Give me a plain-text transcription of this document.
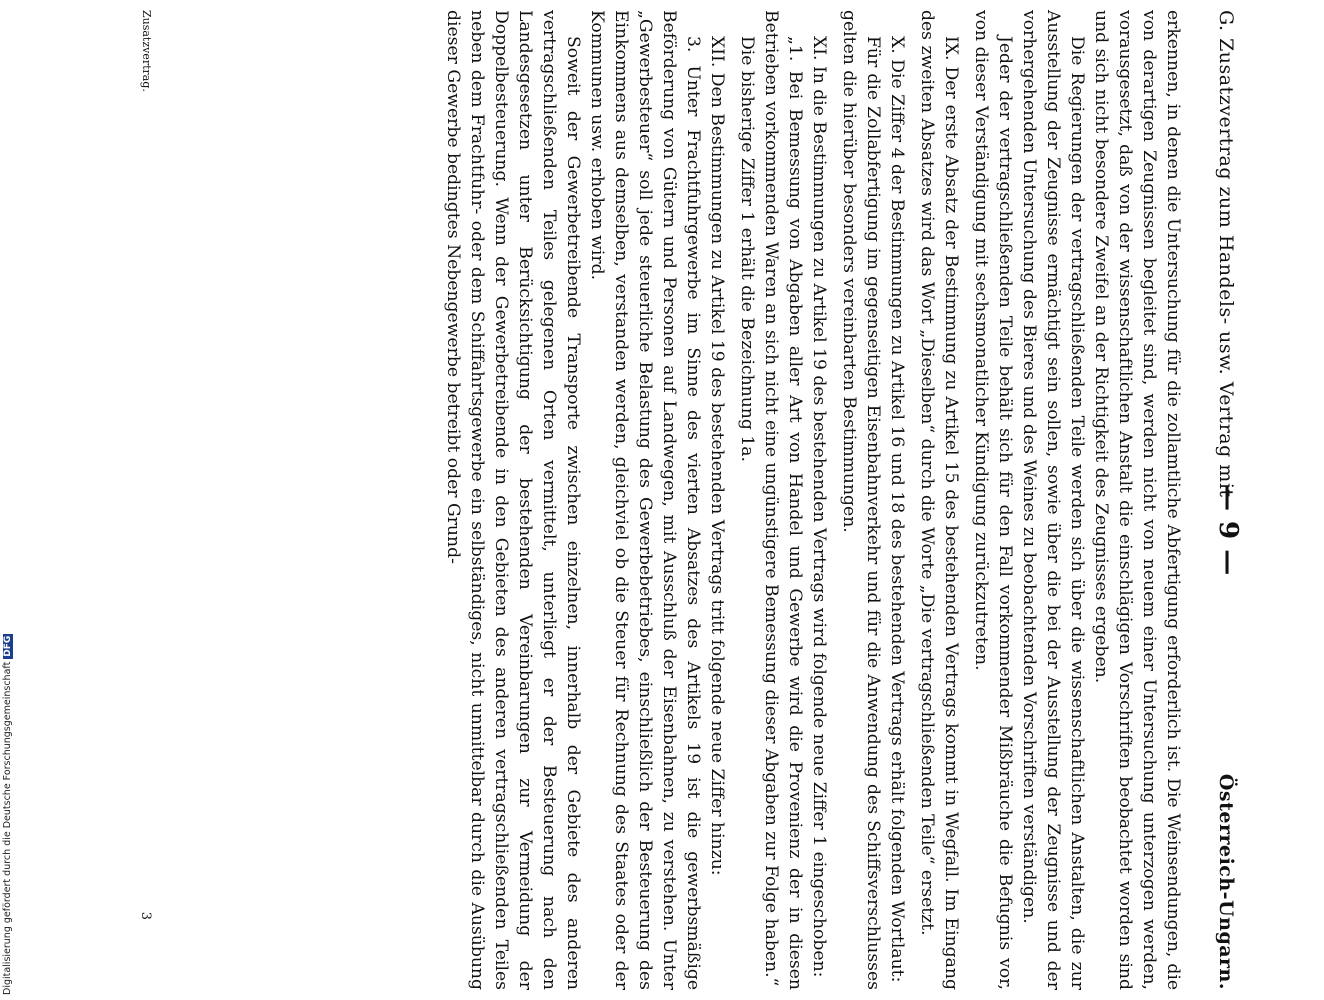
G. Zusatzvertrag zum Handels- usw. Vertrag mit
— 9 —
Österreich-Ungarn.

erkennen, in denen die Untersuchung für die zollamtliche Abfertigung erforderlich ist. Die Weinsendungen, die von derartigen Zeugnissen begleitet sind, werden nicht von neuem einer Untersuchung unterzogen werden, vorausgesetzt, daß von der wissenschaftlichen Anstalt die einschlägigen Vorschriften beobachtet worden sind und sich nicht besondere Zweifel an der Richtigkeit des Zeugnisses ergeben.

Die Regierungen der vertragschließenden Teile werden sich über die wissenschaftlichen Anstalten, die zur Ausstellung der Zeugnisse ermächtigt sein sollen, sowie über die bei der Ausstellung der Zeugnisse und der vorhergehenden Untersuchung des Bieres und des Weines zu beobachtenden Vorschriften verständigen.

Jeder der vertragschließenden Teile behält sich für den Fall vorkommender Mißbräuche die Befugnis vor, von dieser Verständigung mit sechsmonatlicher Kündigung zurückzutreten.

IX. Der erste Absatz der Bestimmung zu Artikel 15 des bestehenden Vertrags kommt in Wegfall. Im Eingang des zweiten Absatzes wird das Wort „Dieselben“ durch die Worte „Die vertragschließenden Teile“ ersetzt.

X. Die Ziffer 4 der Bestimmungen zu Artikel 16 und 18 des bestehenden Vertrags erhält folgenden Wortlaut:

Für die Zollabfertigung im gegenseitigen Eisenbahnverkehr und für die Anwendung des Schiffsverschlusses gelten die hierüber besonders vereinbarten Bestimmungen.

XI. In die Bestimmungen zu Artikel 19 des bestehenden Vertrags wird folgende neue Ziffer 1 eingeschoben:

„1. Bei Bemessung von Abgaben aller Art von Handel und Gewerbe wird die Provenienz der in diesen Betrieben vorkommenden Waren an sich nicht eine ungünstigere Bemessung dieser Abgaben zur Folge haben.“

Die bisherige Ziffer 1 erhält die Bezeichnung 1a.

XII. Den Bestimmungen zu Artikel 19 des bestehenden Vertrags tritt folgende neue Ziffer hinzu:

3. Unter Frachtfuhrgewerbe im Sinne des vierten Absatzes des Artikels 19 ist die gewerbsmäßige Beförderung von Gütern und Personen auf Landwegen, mit Ausschluß der Eisenbahnen, zu verstehen. Unter „Gewerbesteuer“ soll jede steuerliche Belastung des Gewerbebetriebes, einschließlich der Besteuerung des Einkommens aus demselben, verstanden werden, gleichviel ob die Steuer für Rechnung des Staates oder der Kommunen usw. erhoben wird.

Soweit der Gewerbetreibende Transporte zwischen einzelnen, innerhalb der Gebiete des anderen vertragschließenden Teiles gelegenen Orten vermittelt, unterliegt er der Besteuerung nach den Landesgesetzen unter Berücksichtigung der bestehenden Vereinbarungen zur Vermeidung der Doppelbesteuerung. Wenn der Gewerbetreibende in den Gebieten des anderen vertragschließenden Teiles neben dem Frachtfuhr- oder dem Schiffahrtsgewerbe ein selbständiges, nicht unmittelbar durch die Ausübung dieser Gewerbe bedingtes Nebengewerbe betreibt oder Grund-

Zusatzvertrag.
3
Digitalisierung gefördert durch die Deutsche ForschungsgemeinschaftDFG
